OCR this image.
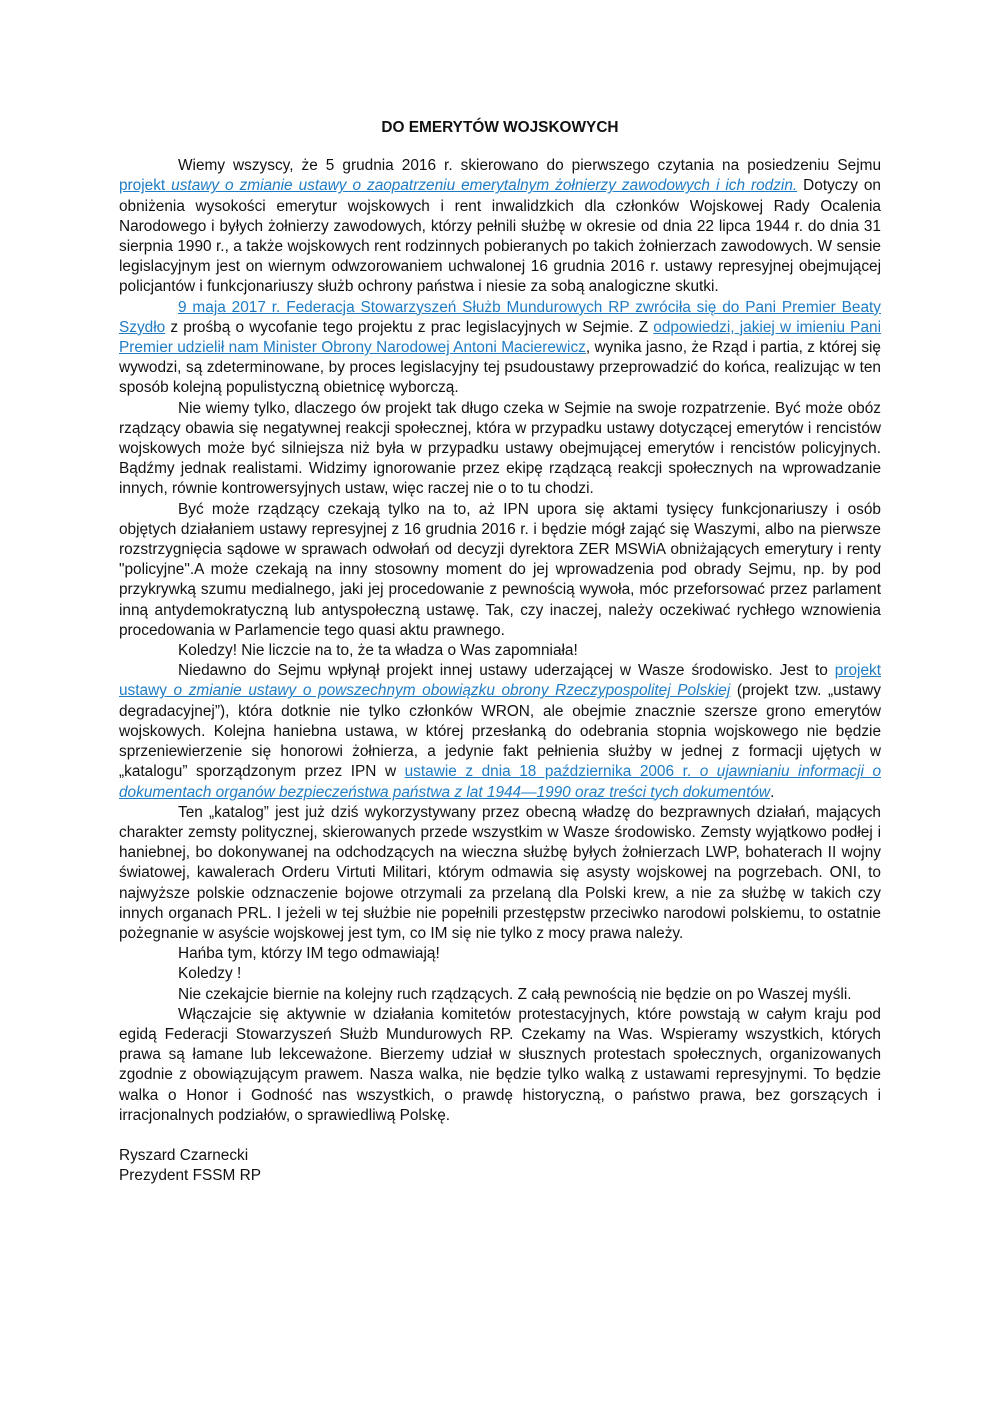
DO EMERYTÓW WOJSKOWYCH

Wiemy wszyscy, że 5 grudnia 2016 r. skierowano do pierwszego czytania na posiedzeniu Sejmu projekt ustawy o zmianie ustawy o zaopatrzeniu emerytalnym żołnierzy zawodowych i ich rodzin. Dotyczy on obniżenia wysokości emerytur wojskowych i rent inwalidzkich dla członków Wojskowej Rady Ocalenia Narodowego i byłych żołnierzy zawodowych, którzy pełnili służbę w okresie od dnia 22 lipca 1944 r. do dnia 31 sierpnia 1990 r., a także wojskowych rent rodzinnych pobieranych po takich żołnierzach zawodowych. W sensie legislacyjnym jest on wiernym odwzorowaniem uchwalonej 16 grudnia 2016 r. ustawy represyjnej obejmującej policjantów i funkcjonariuszy służb ochrony państwa i niesie za sobą analogiczne skutki.

9 maja 2017 r. Federacja Stowarzyszeń Służb Mundurowych RP zwróciła się do Pani Premier Beaty Szydło z prośbą o wycofanie tego projektu z prac legislacyjnych w Sejmie. Z odpowiedzi, jakiej w imieniu Pani Premier udzielił nam Minister Obrony Narodowej Antoni Macierewicz, wynika jasno, że Rząd i partia, z której się wywodzi, są zdeterminowane, by proces legislacyjny tej psudoustawy przeprowadzić do końca, realizując w ten sposób kolejną populistyczną obietnicę wyborczą.

Nie wiemy tylko, dlaczego ów projekt tak długo czeka w Sejmie na swoje rozpatrzenie. Być może obóz rządzący obawia się negatywnej reakcji społecznej, która w przypadku ustawy dotyczącej emerytów i rencistów wojskowych może być silniejsza niż była w przypadku ustawy obejmującej emerytów i rencistów policyjnych. Bądźmy jednak realistami. Widzimy ignorowanie przez ekipę rządzącą reakcji społecznych na wprowadzanie innych, równie kontrowersyjnych ustaw, więc raczej nie o to tu chodzi.

Być może rządzący czekają tylko na to, aż IPN upora się aktami tysięcy funkcjonariuszy i osób objętych działaniem ustawy represyjnej z 16 grudnia 2016 r. i będzie mógł zająć się Waszymi, albo na pierwsze rozstrzygnięcia sądowe w sprawach odwołań od decyzji dyrektora ZER MSWiA obniżających emerytury i renty "policyjne".A może czekają na inny stosowny moment do jej wprowadzenia pod obrady Sejmu, np. by pod przykrywką szumu medialnego, jaki jej procedowanie z pewnością wywoła, móc przeforsować przez parlament inną antydemokratyczną lub antyspołeczną ustawę. Tak, czy inaczej, należy oczekiwać rychłego wznowienia procedowania w Parlamencie tego quasi aktu prawnego.

Koledzy! Nie liczcie na to, że ta władza o Was zapomniała!

Niedawno do Sejmu wpłynął projekt innej ustawy uderzającej w Wasze środowisko. Jest to projekt ustawy o zmianie ustawy o powszechnym obowiązku obrony Rzeczypospolitej Polskiej (projekt tzw. „ustawy degradacyjnej”), która dotknie nie tylko członków WRON, ale obejmie znacznie szersze grono emerytów wojskowych. Kolejna haniebna ustawa, w której przesłanką do odebrania stopnia wojskowego nie będzie sprzeniewierzenie się honorowi żołnierza, a jedynie fakt pełnienia służby w jednej z formacji ujętych w „katalogu” sporządzonym przez IPN w ustawie z dnia 18 października 2006 r. o ujawnianiu informacji o dokumentach organów bezpieczeństwa państwa z lat 1944—1990 oraz treści tych dokumentów.

Ten „katalog” jest już dziś wykorzystywany przez obecną władzę do bezprawnych działań, mających charakter zemsty politycznej, skierowanych przede wszystkim w Wasze środowisko. Zemsty wyjątkowo podłej i haniebnej, bo dokonywanej na odchodzących na wieczna służbę byłych żołnierzach LWP, bohaterach II wojny światowej, kawalerach Orderu Virtuti Militari, którym odmawia się asysty wojskowej na pogrzebach. ONI, to najwyższe polskie odznaczenie bojowe otrzymali za przelaną dla Polski krew, a nie za służbę w takich czy innych organach PRL. I jeżeli w tej służbie nie popełnili przestępstw przeciwko narodowi polskiemu, to ostatnie pożegnanie w asyście wojskowej jest tym, co IM się nie tylko z mocy prawa należy.

Hańba tym, którzy IM tego odmawiają!

Koledzy !

Nie czekajcie biernie na kolejny ruch rządzących. Z całą pewnością nie będzie on po Waszej myśli.

Włączajcie się aktywnie w działania komitetów protestacyjnych, które powstają w całym kraju pod egidą Federacji Stowarzyszeń Służb Mundurowych RP. Czekamy na Was. Wspieramy wszystkich, których prawa są łamane lub lekceważone. Bierzemy udział w słusznych protestach społecznych, organizowanych zgodnie z obowiązującym prawem. Nasza walka, nie będzie tylko walką z ustawami represyjnymi. To będzie walka o Honor i Godność nas wszystkich, o prawdę historyczną, o państwo prawa, bez gorszących i irracjonalnych podziałów, o sprawiedliwą Polskę.

Ryszard Czarnecki
Prezydent FSSM RP
